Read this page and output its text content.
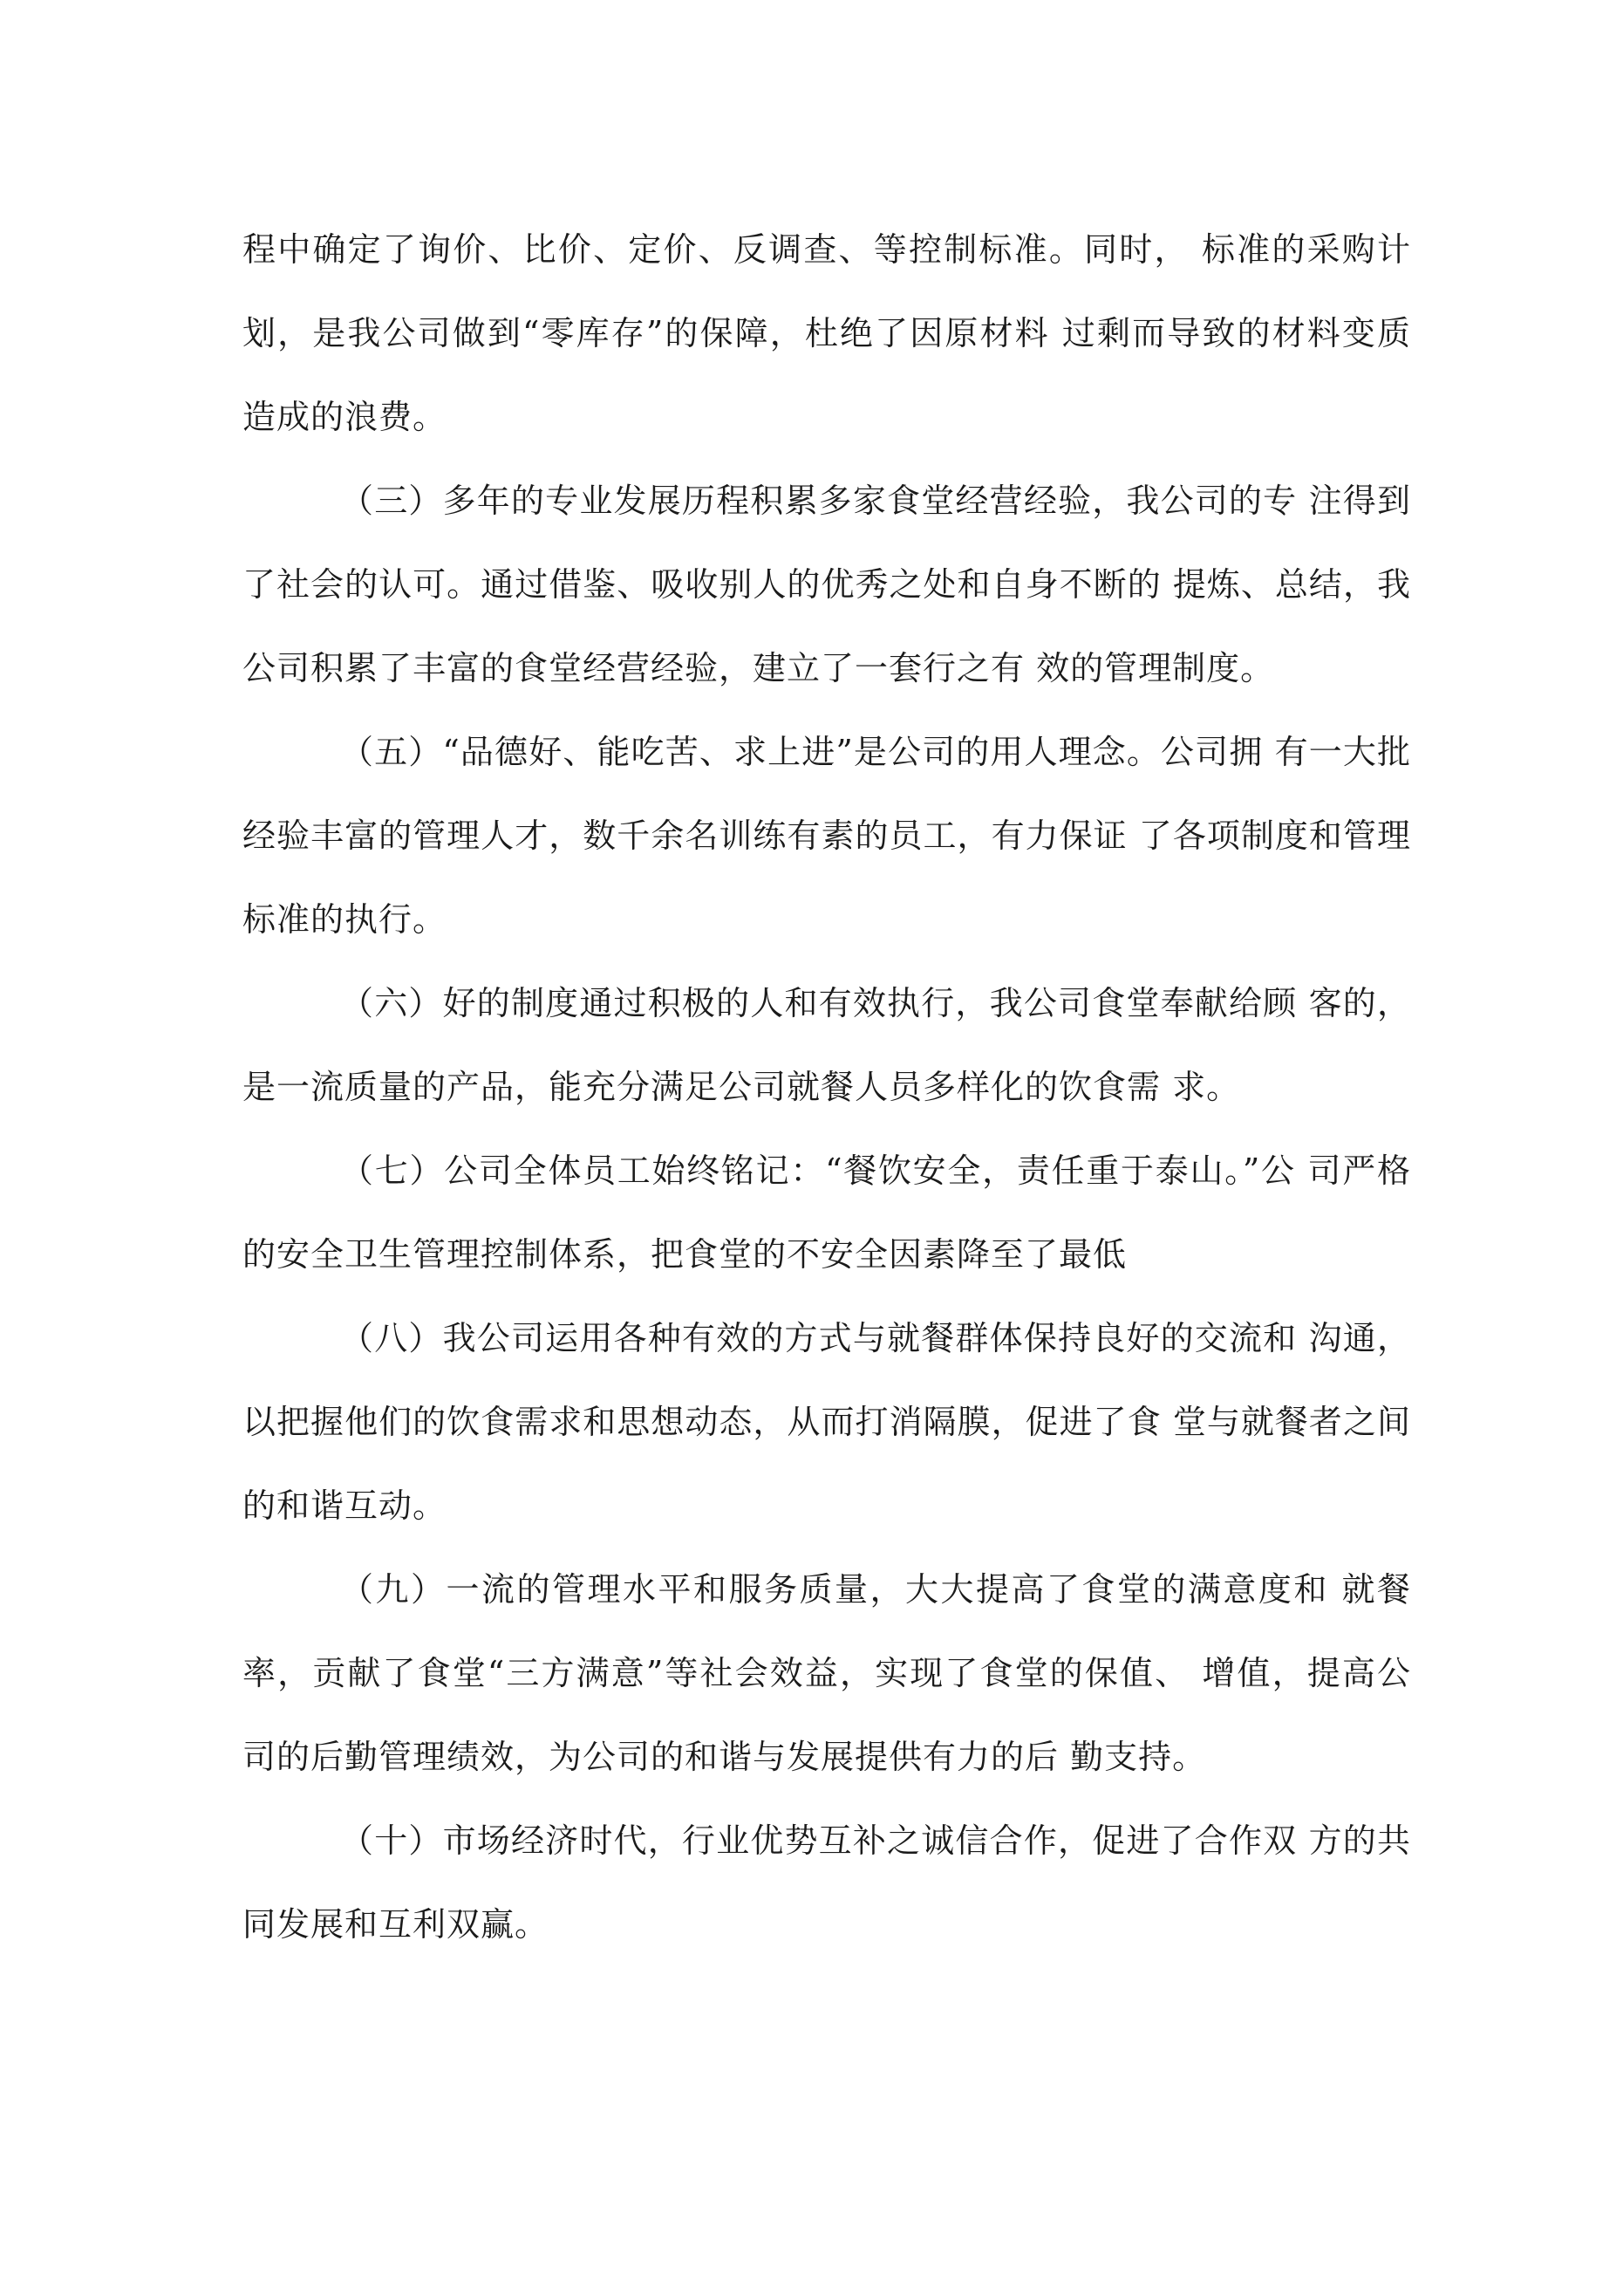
程中确定了询价、比价、定价、反调查、等控制标准。同时， 标准的采购计划，是我公司做到“零库存”的保障，杜绝了因原材料 过剩而导致的材料变质造成的浪费。

（三）多年的专业发展历程积累多家食堂经营经验，我公司的专 注得到了社会的认可。通过借鉴、吸收别人的优秀之处和自身不断的 提炼、总结，我公司积累了丰富的食堂经营经验，建立了一套行之有 效的管理制度。

（五）“品德好、能吃苦、求上进”是公司的用人理念。公司拥 有一大批经验丰富的管理人才，数千余名训练有素的员工，有力保证 了各项制度和管理标准的执行。

（六）好的制度通过积极的人和有效执行，我公司食堂奉献给顾 客的，是一流质量的产品，能充分满足公司就餐人员多样化的饮食需 求。

（七）公司全体员工始终铭记：“餐饮安全，责任重于泰山。”公 司严格的安全卫生管理控制体系，把食堂的不安全因素降至了最低

（八）我公司运用各种有效的方式与就餐群体保持良好的交流和 沟通，以把握他们的饮食需求和思想动态，从而打消隔膜，促进了食 堂与就餐者之间的和谐互动。

（九）一流的管理水平和服务质量，大大提高了食堂的满意度和 就餐率，贡献了食堂“三方满意”等社会效益，实现了食堂的保值、 增值，提高公司的后勤管理绩效，为公司的和谐与发展提供有力的后 勤支持。

（十）市场经济时代，行业优势互补之诚信合作，促进了合作双 方的共同发展和互利双赢。
